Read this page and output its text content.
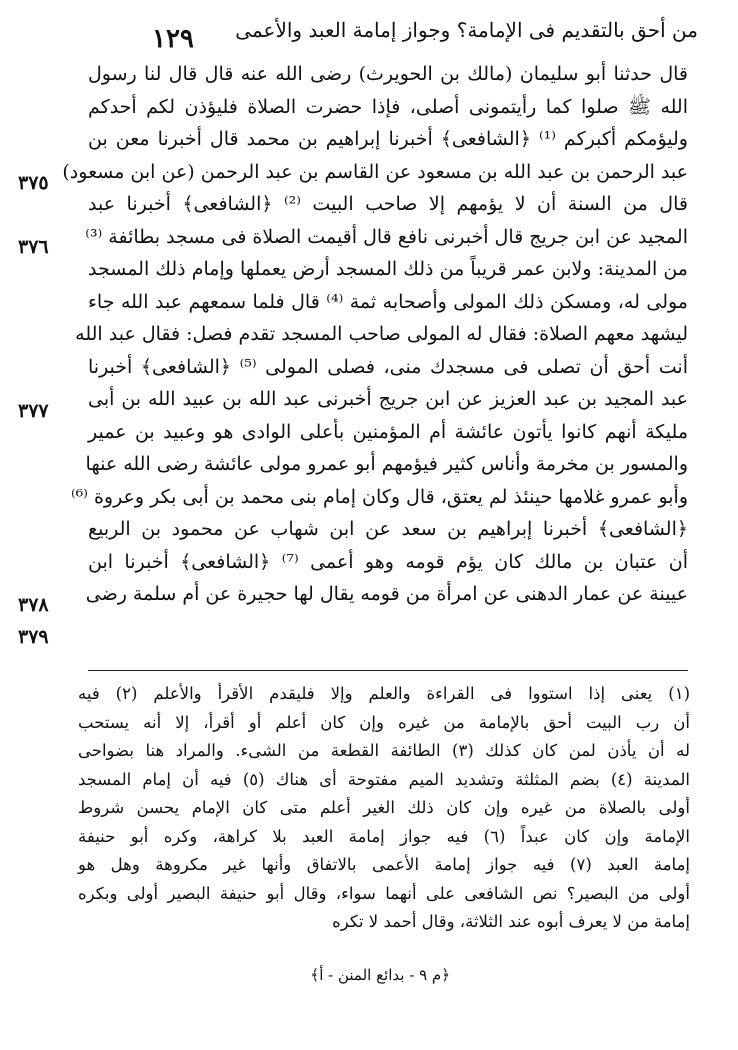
من أحق بالتقديم فى الإمامة؟ وجواز إمامة العبد والأعمى
١٢٩
قال حدثنا أبو سليمان (مالك بن الحويرث) رضى الله عنه قال قال لنا رسول
الله ﷺ صلوا كما رأيتمونى أصلى، فإذا حضرت الصلاة فليؤذن لكم أحدكم
وليؤمكم أكبركم ⁽¹⁾ ﴿الشافعى﴾ أخبرنا إبراهيم بن محمد قال أخبرنا معن بن
عبد الرحمن بن عبد الله بن مسعود عن القاسم بن عبد الرحمن (عن ابن مسعود)
قال من السنة أن لا يؤمهم إلا صاحب البيت ⁽²⁾ ﴿الشافعى﴾ أخبرنا عبد
المجيد عن ابن جريج قال أخبرنى نافع قال أقيمت الصلاة فى مسجد بطائفة ⁽³⁾
من المدينة: ولابن عمر قريباً من ذلك المسجد أرض يعملها وإمام ذلك المسجد
مولى له، ومسكن ذلك المولى وأصحابه ثمة ⁽⁴⁾ قال فلما سمعهم عبد الله جاء
ليشهد معهم الصلاة: فقال له المولى صاحب المسجد تقدم فصل: فقال عبد الله
أنت أحق أن تصلى فى مسجدك منى، فصلى المولى ⁽⁵⁾ ﴿الشافعى﴾ أخبرنا
عبد المجيد بن عبد العزيز عن ابن جريج أخبرنى عبد الله بن عبيد الله بن أبى
مليكة أنهم كانوا يأتون عائشة أم المؤمنين بأعلى الوادى هو وعبيد بن عمير
والمسور بن مخرمة وأناس كثير فيؤمهم أبو عمرو مولى عائشة رضى الله عنها
وأبو عمرو غلامها حينئذ لم يعتق، قال وكان إمام بنى محمد بن أبى بكر وعروة ⁽⁶⁾
﴿الشافعى﴾ أخبرنا إبراهيم بن سعد عن ابن شهاب عن محمود بن الربيع
أن عتبان بن مالك كان يؤم قومه وهو أعمى ⁽⁷⁾ ﴿الشافعى﴾ أخبرنا ابن
عيينة عن عمار الدهنى عن امرأة من قومه يقال لها حجيرة عن أم سلمة رضى
٣٧٥
٣٧٦
٣٧٧
٣٧٨
٣٧٩
(١) يعنى إذا استووا فى القراءة والعلم وإلا فليقدم الأقرأ والأعلم (٢) فيه
أن رب البيت أحق بالإمامة من غيره وإن كان أعلم أو أقرأ، إلا أنه يستحب
له أن يأذن لمن كان كذلك (٣) الطائفة القطعة من الشىء. والمراد هنا بضواحى
المدينة (٤) بضم المثلثة وتشديد الميم مفتوحة أى هناك (٥) فيه أن إمام المسجد
أولى بالصلاة من غيره وإن كان ذلك الغير أعلم متى كان الإمام يحسن شروط
الإمامة وإن كان عبداً (٦) فيه جواز إمامة العبد بلا كراهة، وكره أبو حنيفة
إمامة العبد (٧) فيه جواز إمامة الأعمى بالاتفاق وأنها غير مكروهة وهل هو
أولى من البصير؟ نص الشافعى على أنهما سواء، وقال أبو حنيفة البصير أولى وبكره
إمامة من لا يعرف أبوه عند الثلاثة، وقال أحمد لا تكره
﴿م ٩ - بدائع المنن - أ﴾
